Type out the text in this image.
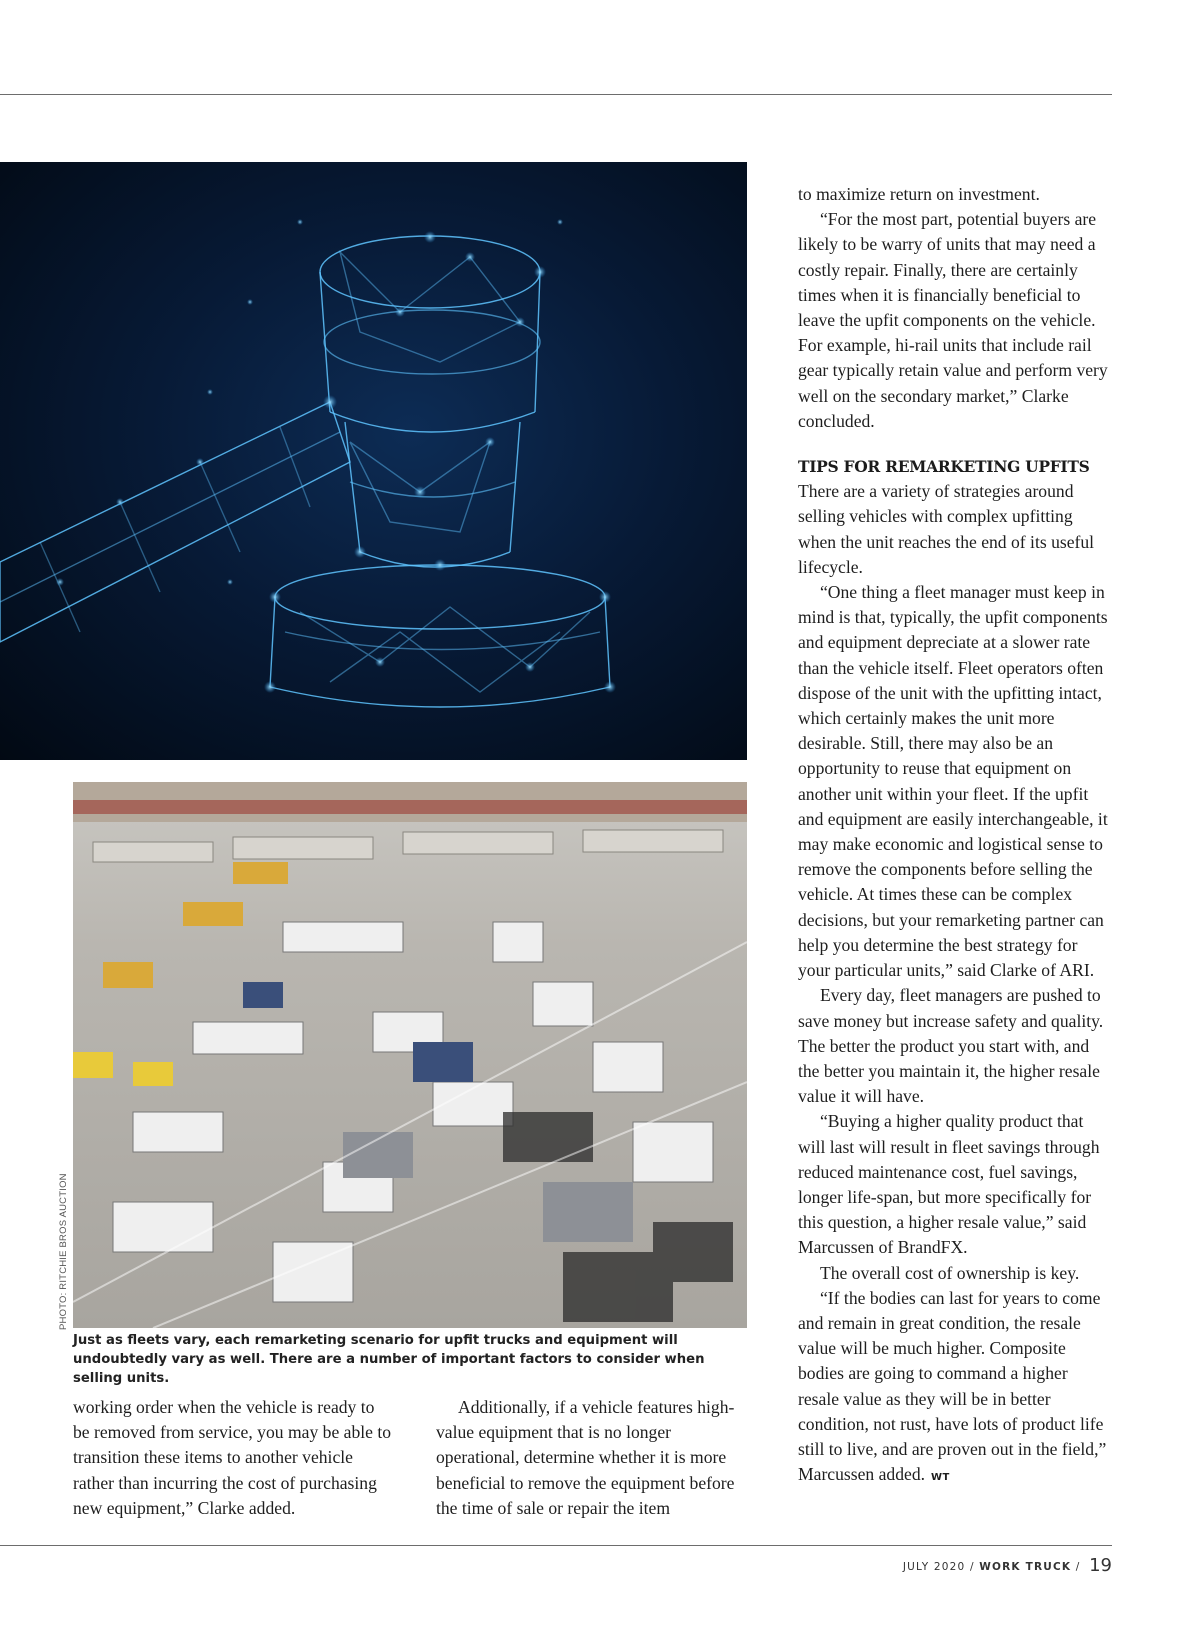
PHOTO: RITCHIE BROS AUCTION

Just as fleets vary, each remarketing scenario for upfit trucks and equipment will undoubtedly vary as well. There are a number of important factors to consider when selling units.

working order when the vehicle is ready to be removed from service, you may be able to transition these items to another vehicle rather than incurring the cost of purchasing new equipment,” Clarke added.

Additionally, if a vehicle features high-value equipment that is no longer operational, determine whether it is more beneficial to remove the equipment before the time of sale or repair the item

to maximize return on investment.

“For the most part, potential buyers are likely to be warry of units that may need a costly repair. Finally, there are certainly times when it is financially beneficial to leave the upfit components on the vehicle. For example, hi-rail units that include rail gear typically retain value and perform very well on the secondary market,” Clarke concluded.

TIPS FOR REMARKETING UPFITS

There are a variety of strategies around selling vehicles with complex upfitting when the unit reaches the end of its useful lifecycle.

“One thing a fleet manager must keep in mind is that, typically, the upfit components and equipment depreciate at a slower rate than the vehicle itself. Fleet operators often dispose of the unit with the upfitting intact, which certainly makes the unit more desirable. Still, there may also be an opportunity to reuse that equipment on another unit within your fleet. If the upfit and equipment are easily interchangeable, it may make economic and logistical sense to remove the components before selling the vehicle. At times these can be complex decisions, but your remarketing partner can help you determine the best strategy for your particular units,” said Clarke of ARI.

Every day, fleet managers are pushed to save money but increase safety and quality. The better the product you start with, and the better you maintain it, the higher resale value it will have.

“Buying a higher quality product that will last will result in fleet savings through reduced maintenance cost, fuel savings, longer life-span, but more specifically for this question, a higher resale value,” said Marcussen of BrandFX.

The overall cost of ownership is key.

“If the bodies can last for years to come and remain in great condition, the resale value will be much higher. Composite bodies are going to command a higher resale value as they will be in better condition, not rust, have lots of product life still to live, and are proven out in the field,” Marcussen added. WT

JULY 2020 / WORK TRUCK / 19
